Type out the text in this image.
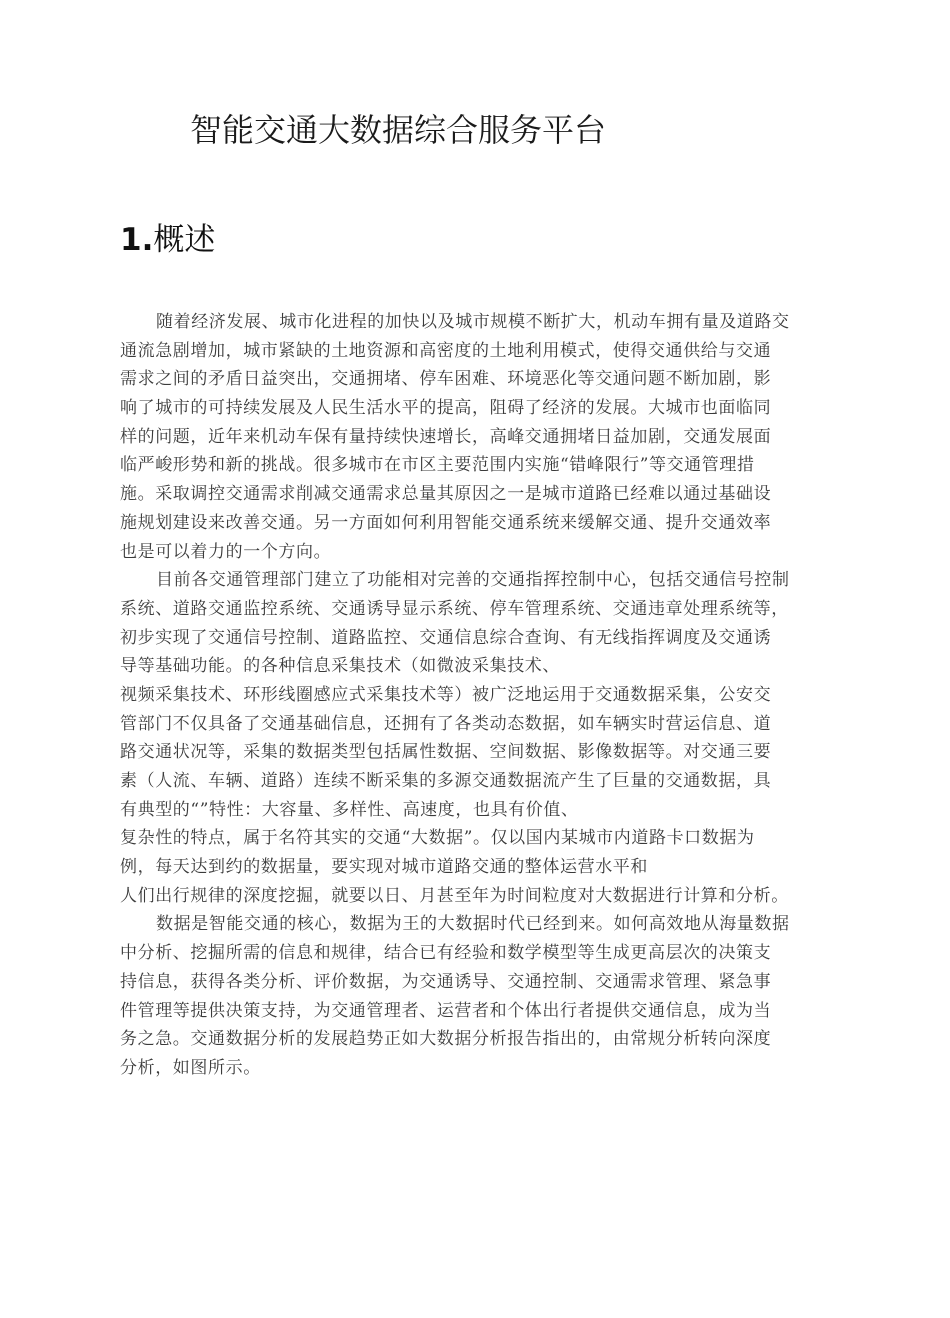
智能交通大数据综合服务平台
1.概述
随着经济发展、城市化进程的加快以及城市规模不断扩大，机动车拥有量及道路交
通流急剧增加，城市紧缺的土地资源和高密度的土地利用模式，使得交通供给与交通
需求之间的矛盾日益突出，交通拥堵、停车困难、环境恶化等交通问题不断加剧，影
响了城市的可持续发展及人民生活水平的提高，阻碍了经济的发展。大城市也面临同
样的问题，近年来机动车保有量持续快速增长，高峰交通拥堵日益加剧，交通发展面
临严峻形势和新的挑战。很多城市在市区主要范围内实施“错峰限行”等交通管理措
施。采取调控交通需求削减交通需求总量其原因之一是城市道路已经难以通过基础设
施规划建设来改善交通。另一方面如何利用智能交通系统来缓解交通、提升交通效率
也是可以着力的一个方向。
目前各交通管理部门建立了功能相对完善的交通指挥控制中心，包括交通信号控制
系统、道路交通监控系统、交通诱导显示系统、停车管理系统、交通违章处理系统等，
初步实现了交通信号控制、道路监控、交通信息综合查询、有无线指挥调度及交通诱
导等基础功能。的各种信息采集技术（如微波采集技术、
视频采集技术、环形线圈感应式采集技术等）被广泛地运用于交通数据采集，公安交
管部门不仅具备了交通基础信息，还拥有了各类动态数据，如车辆实时营运信息、道
路交通状况等，采集的数据类型包括属性数据、空间数据、影像数据等。对交通三要
素（人流、车辆、道路）连续不断采集的多源交通数据流产生了巨量的交通数据，具
有典型的“”特性：大容量、多样性、高速度，也具有价值、
复杂性的特点，属于名符其实的交通“大数据”。仅以国内某城市内道路卡口数据为
例，每天达到约的数据量，要实现对城市道路交通的整体运营水平和
人们出行规律的深度挖掘，就要以日、月甚至年为时间粒度对大数据进行计算和分析。
数据是智能交通的核心，数据为王的大数据时代已经到来。如何高效地从海量数据
中分析、挖掘所需的信息和规律，结合已有经验和数学模型等生成更高层次的决策支
持信息，获得各类分析、评价数据，为交通诱导、交通控制、交通需求管理、紧急事
件管理等提供决策支持，为交通管理者、运营者和个体出行者提供交通信息，成为当
务之急。交通数据分析的发展趋势正如大数据分析报告指出的，由常规分析转向深度
分析，如图所示。
